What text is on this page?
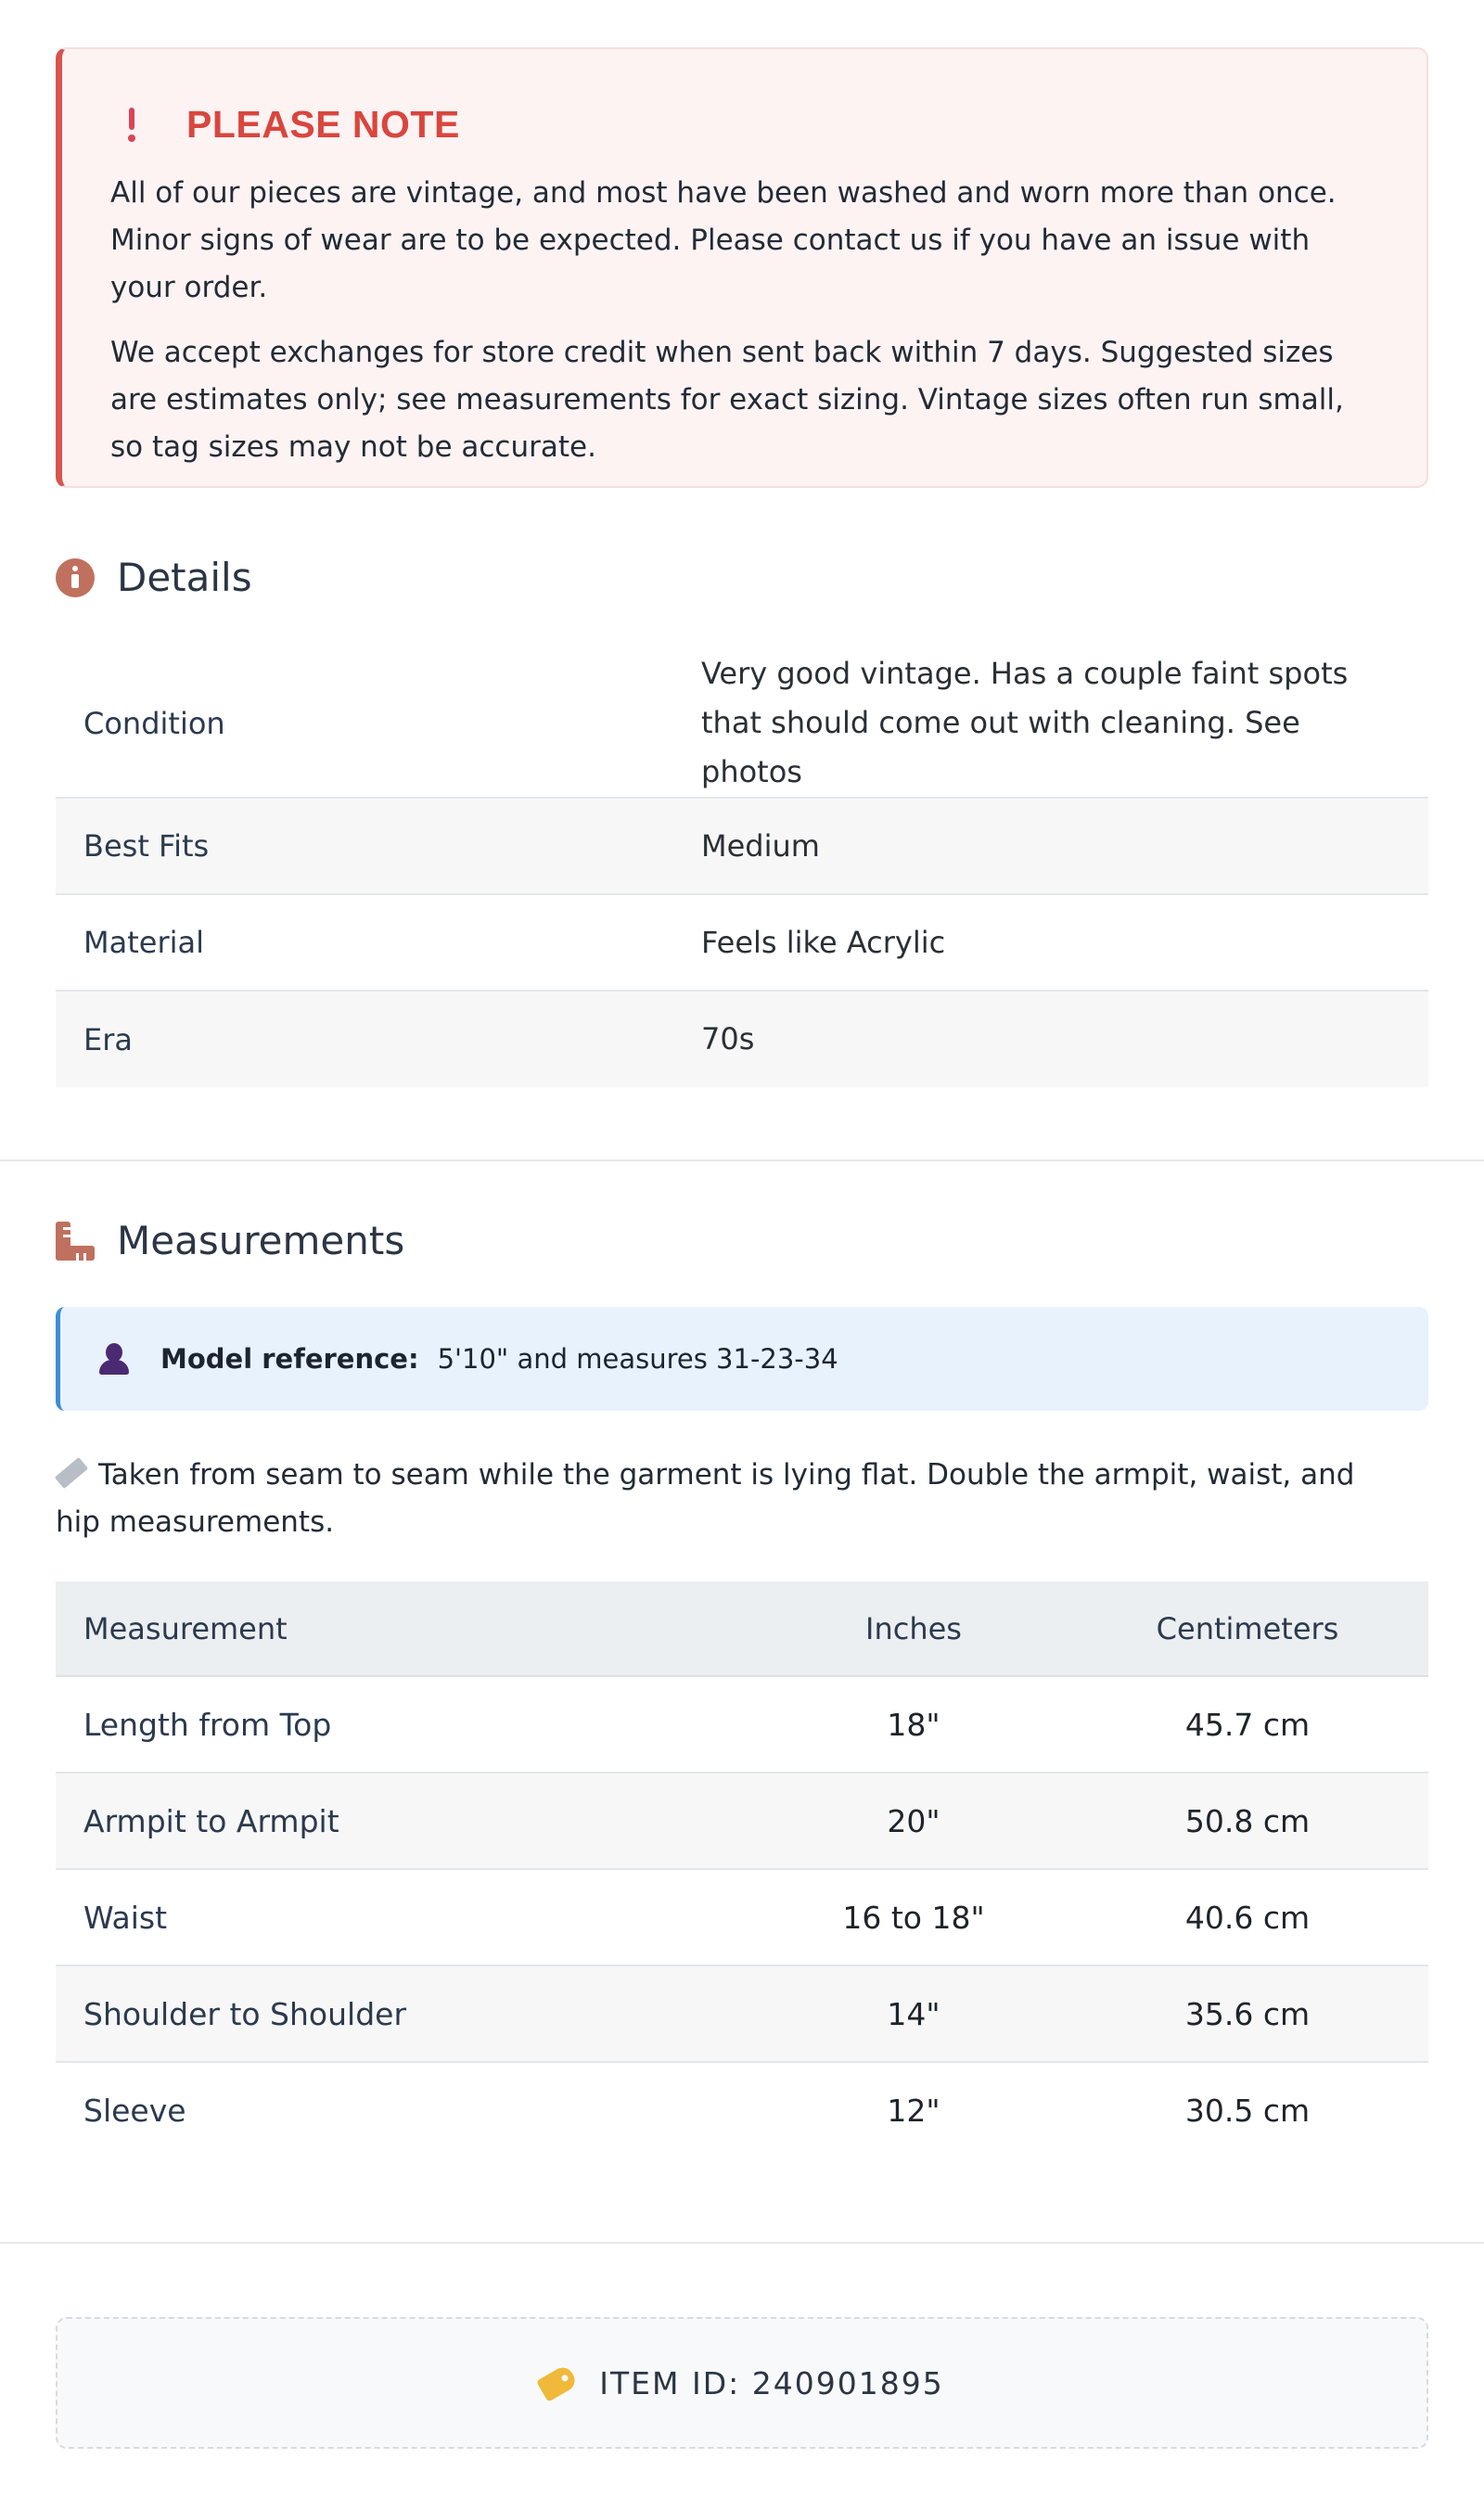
PLEASE NOTE

All of our pieces are vintage, and most have been washed and worn more than once. Minor signs of wear are to be expected. Please contact us if you have an issue with your order.

We accept exchanges for store credit when sent back within 7 days. Suggested sizes are estimates only; see measurements for exact sizing. Vintage sizes often run small, so tag sizes may not be accurate.

Details
Condition	Very good vintage. Has a couple faint spots that should come out with cleaning. See photos
Best Fits	Medium
Material	Feels like Acrylic
Era	70s
Measurements
Model reference: 5'10" and measures 31-23-34
Taken from seam to seam while the garment is lying flat. Double the armpit, waist, and hip measurements.
Measurement	Inches	Centimeters
Length from Top	18"	45.7 cm
Armpit to Armpit	20"	50.8 cm
Waist	16 to 18"	40.6 cm
Shoulder to Shoulder	14"	35.6 cm
Sleeve	12"	30.5 cm
ITEM ID: 240901895
